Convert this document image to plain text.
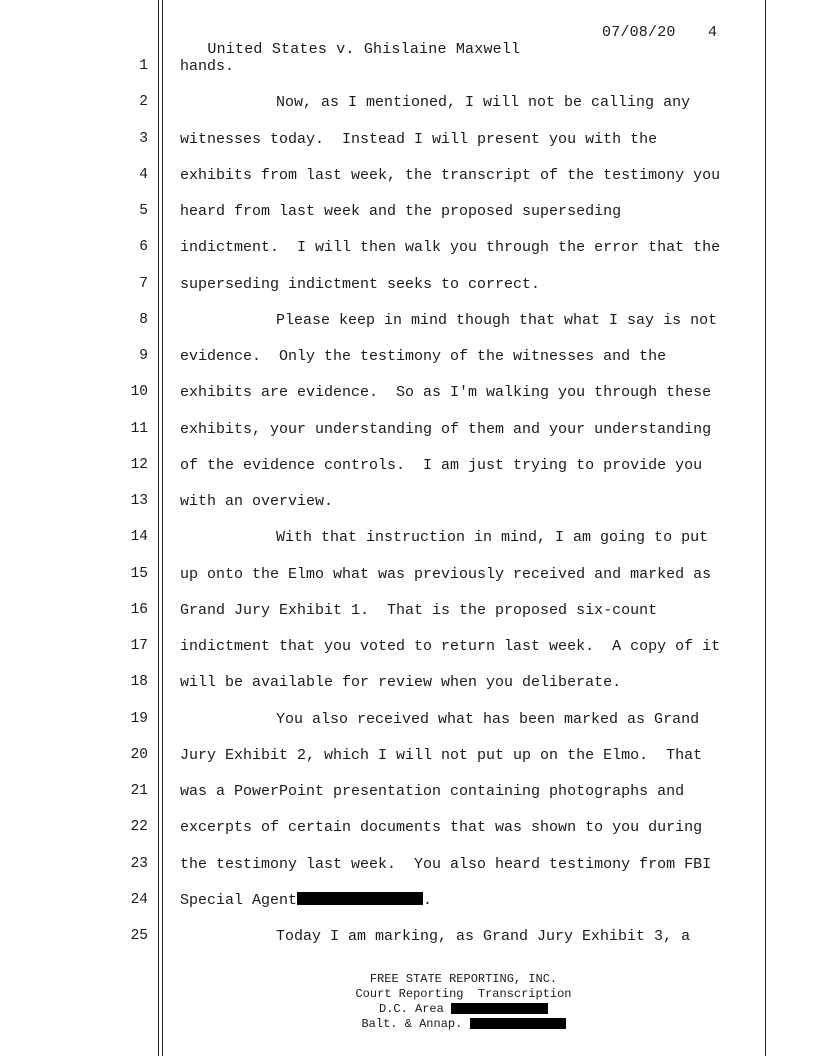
United States v. Ghislaine Maxwell

07/08/20

4

1 hands.
2	Now, as I mentioned, I will not be calling any
3 witnesses today.  Instead I will present you with the
4 exhibits from last week, the transcript of the testimony you
5 heard from last week and the proposed superseding
6 indictment.  I will then walk you through the error that the
7 superseding indictment seeks to correct.
8	Please keep in mind though that what I say is not
9 evidence.  Only the testimony of the witnesses and the
10 exhibits are evidence.  So as I'm walking you through these
11 exhibits, your understanding of them and your understanding
12 of the evidence controls.  I am just trying to provide you
13 with an overview.
14	With that instruction in mind, I am going to put
15 up onto the Elmo what was previously received and marked as
16 Grand Jury Exhibit 1.  That is the proposed six-count
17 indictment that you voted to return last week.  A copy of it
18 will be available for review when you deliberate.
19	You also received what has been marked as Grand
20 Jury Exhibit 2, which I will not put up on the Elmo.  That
21 was a PowerPoint presentation containing photographs and
22 excerpts of certain documents that was shown to you during
23 the testimony last week.  You also heard testimony from FBI
24 Special Agent	.
25	Today I am marking, as Grand Jury Exhibit 3, a
FREE STATE REPORTING, INC.
Court Reporting  Transcription
D.C. Area
Balt. & Annap.
